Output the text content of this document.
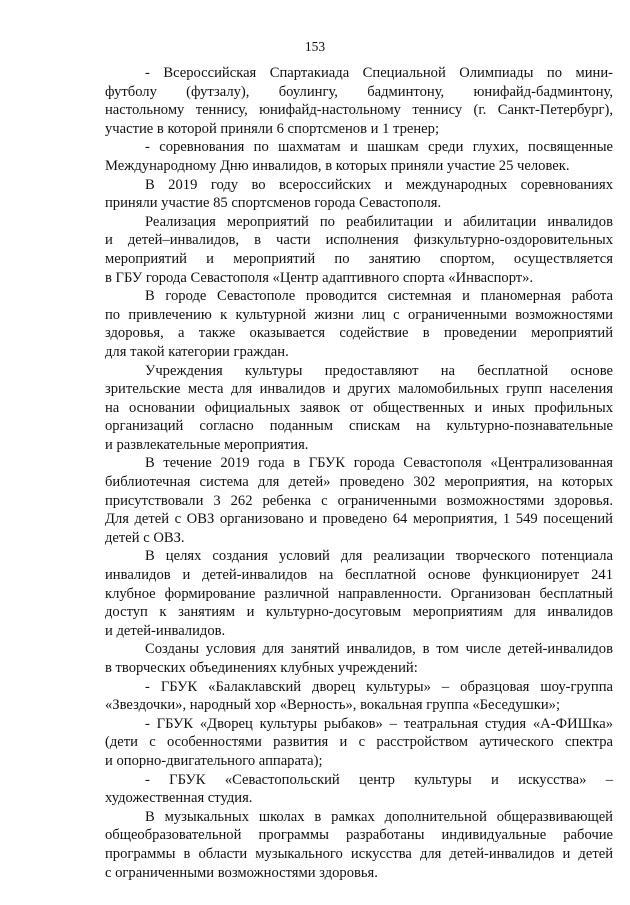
153
- Всероссийская Спартакиада Специальной Олимпиады по мини-
футболу (футзалу), боулингу, бадминтону, юнифайд-бадминтону,
настольному теннису, юнифайд-настольному теннису (г. Санкт-Петербург),
участие в которой приняли 6 спортсменов и 1 тренер;
- соревнования по шахматам и шашкам среди глухих, посвященные
Международному Дню инвалидов, в которых приняли участие 25 человек.
В 2019 году во всероссийских и международных соревнованиях
приняли участие 85 спортсменов города Севастополя.
Реализация мероприятий по реабилитации и абилитации инвалидов
и детей–инвалидов, в части исполнения физкультурно-оздоровительных
мероприятий и мероприятий по занятию спортом, осуществляется
в ГБУ города Севастополя «Центр адаптивного спорта «Инваспорт».
В городе Севастополе проводится системная и планомерная работа
по привлечению к культурной жизни лиц с ограниченными возможностями
здоровья, а также оказывается содействие в проведении мероприятий
для такой категории граждан.
Учреждения культуры предоставляют на бесплатной основе
зрительские места для инвалидов и других маломобильных групп населения
на основании официальных заявок от общественных и иных профильных
организаций согласно поданным спискам на культурно-познавательные
и развлекательные мероприятия.
В течение 2019 года в ГБУК города Севастополя «Централизованная
библиотечная система для детей» проведено 302 мероприятия, на которых
присутствовали 3 262 ребенка с ограниченными возможностями здоровья.
Для детей с ОВЗ организовано и проведено 64 мероприятия, 1 549 посещений
детей с ОВЗ.
В целях создания условий для реализации творческого потенциала
инвалидов и детей-инвалидов на бесплатной основе функционирует 241
клубное формирование различной направленности. Организован бесплатный
доступ к занятиям и культурно-досуговым мероприятиям для инвалидов
и детей-инвалидов.
Созданы условия для занятий инвалидов, в том числе детей-инвалидов
в творческих объединениях клубных учреждений:
- ГБУК «Балаклавский дворец культуры» – образцовая шоу-группа
«Звездочки», народный хор «Верность», вокальная группа «Беседушки»;
- ГБУК «Дворец культуры рыбаков» – театральная студия «А-ФИШка»
(дети с особенностями развития и с расстройством аутического спектра
и опорно-двигательного аппарата);
- ГБУК «Севастопольский центр культуры и искусства» –
художественная студия.
В музыкальных школах в рамках дополнительной общеразвивающей
общеобразовательной программы разработаны индивидуальные рабочие
программы в области музыкального искусства для детей-инвалидов и детей
с ограниченными возможностями здоровья.
